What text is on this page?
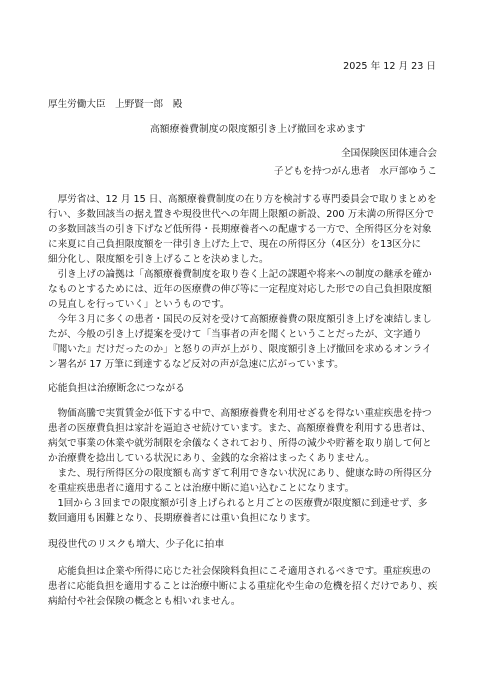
2025 年 12 月 23 日

厚生労働大臣　上野賢一郎　殿

高額療養費制度の限度額引き上げ撤回を求めます

全国保険医団体連合会

子どもを持つがん患者　水戸部ゆうこ

　厚労省は、12 月 15 日、高額療養費制度の在り方を検討する専門委員会で取りまとめを

行い、多数回該当の据え置きや現役世代への年間上限額の新設、200 万未満の所得区分で

の多数回該当の引き下げなど低所得・長期療養者への配慮する一方で、全所得区分を対象

に来夏に自己負担限度額を一律引き上げた上で、現在の所得区分（4区分）を13区分に

細分化し、限度額を引き上げることを決めました。

　引き上げの論拠は「高額療養費制度を取り巻く上記の課題や将来への制度の継承を確か

なものとするためには、近年の医療費の伸び等に一定程度対応した形での自己負担限度額

の見直しを行っていく」というものです。

　今年３月に多くの患者・国民の反対を受けて高額療養費の限度額引き上げを凍結しまし

たが、今般の引き上げ提案を受けて「当事者の声を聞くということだったが、文字通り

『聞いた』だけだったのか」と怒りの声が上がり、限度額引き上げ撤回を求めるオンライ

ン署名が 17 万筆に到達するなど反対の声が急速に広がっています。

応能負担は治療断念につながる

　物価高騰で実質賃金が低下する中で、高額療養費を利用せざるを得ない重症疾患を持つ

患者の医療費負担は家計を逼迫させ続けています。また、高額療養費を利用する患者は、

病気で事業の休業や就労制限を余儀なくされており、所得の減少や貯蓄を取り崩して何と

か治療費を捻出している状況にあり、金銭的な余裕はまったくありません。

　また、現行所得区分の限度額も高すぎて利用できない状況にあり、健康な時の所得区分

を重症疾患患者に適用することは治療中断に追い込むことになります。

　1回から３回までの限度額が引き上げられると月ごとの医療費が限度額に到達せず、多

数回適用も困難となり、長期療養者には重い負担になります。

現役世代のリスクも増大、少子化に拍車

　応能負担は企業や所得に応じた社会保険料負担にこそ適用されるべきです。重症疾患の

患者に応能負担を適用することは治療中断による重症化や生命の危機を招くだけであり、疾

病給付や社会保険の概念とも相いれません。
